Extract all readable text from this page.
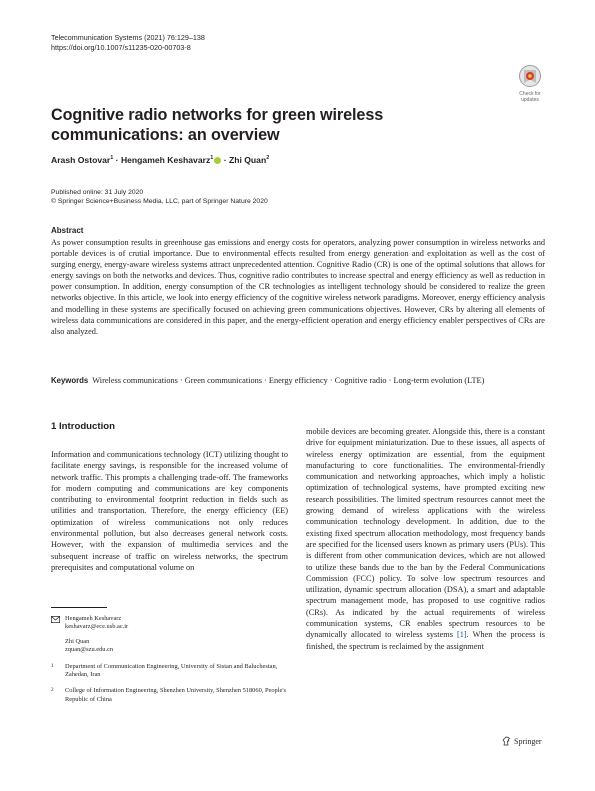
Telecommunication Systems (2021) 76:129–138
https://doi.org/10.1007/s11235-020-00703-8
Check for
updates
Cognitive radio networks for green wireless communications: an overview
Arash Ostovar$^1$ · Hengameh Keshavarz$^1$ · Zhi Quan$^2$
Published online: 31 July 2020
© Springer Science+Business Media, LLC, part of Springer Nature 2020
Abstract
As power consumption results in greenhouse gas emissions and energy costs for operators, analyzing power consumption in wireless networks and portable devices is of crutial importance. Due to environmental effects resulted from energy generation and exploitation as well as the cost of surging energy, energy-aware wireless systems attract unprecedented attention. Cognitive Radio (CR) is one of the optimal solutions that allows for energy savings on both the networks and devices. Thus, cognitive radio contributes to increase spectral and energy efficiency as well as reduction in power consumption. In addition, energy consumption of the CR technologies as intelligent technology should be considered to realize the green networks objective. In this article, we look into energy efficiency of the cognitive wireless network paradigms. Moreover, energy efficiency analysis and modelling in these systems are specifically focused on achieving green communications objectives. However, CRs by altering all elements of wireless data communications are considered in this paper, and the energy-efficient operation and energy efficiency enabler perspectives of CRs are also analyzed.
Keywords Wireless communications · Green communications · Energy efficiency · Cognitive radio · Long-term evolution (LTE)
1 Introduction
Information and communications technology (ICT) utilizing thought to facilitate energy savings, is responsible for the increased volume of network traffic. This prompts a challenging trade-off. The frameworks for modern computing and communications are key components contributing to environmental footprint reduction in fields such as utilities and transportation. Therefore, the energy efficiency (EE) optimization of wireless communications not only reduces environmental pollution, but also decreases general network costs. However, with the expansion of multimedia services and the subsequent increase of traffic on wireless networks, the spectrum prerequisites and computational volume on
Hengameh Keshavarz
keshavarz@ece.usb.ac.ir
Zhi Quan
zquan@szu.edu.cn
1 Department of Communication Engineering, University of Sistan and Baluchestan, Zahedan, Iran
2 College of Information Engineering, Shenzhen University, Shenzhen 518060, People's Republic of China
mobile devices are becoming greater. Alongside this, there is a constant drive for equipment miniaturization. Due to these issues, all aspects of wireless energy optimization are essential, from the equipment manufacturing to core functionalities. The environmental-friendly communication and networking approaches, which imply a holistic optimization of technological systems, have prompted exciting new research possibilities. The limited spectrum resources cannot meet the growing demand of wireless applications with the wireless communication technology development. In addition, due to the existing fixed spectrum allocation methodology, most frequency bands are specified for the licensed users known as primary users (PUs). This is different from other communication devices, which are not allowed to utilize these bands due to the ban by the Federal Communications Commission (FCC) policy. To solve low spectrum resources and utilization, dynamic spectrum allocation (DSA), a smart and adaptable spectrum management mode, has proposed to use cognitive radios (CRs). As indicated by the actual requirements of wireless communication systems, CR enables spectrum resources to be dynamically allocated to wireless systems [1]. When the process is finished, the spectrum is reclaimed by the assignment
Springer
